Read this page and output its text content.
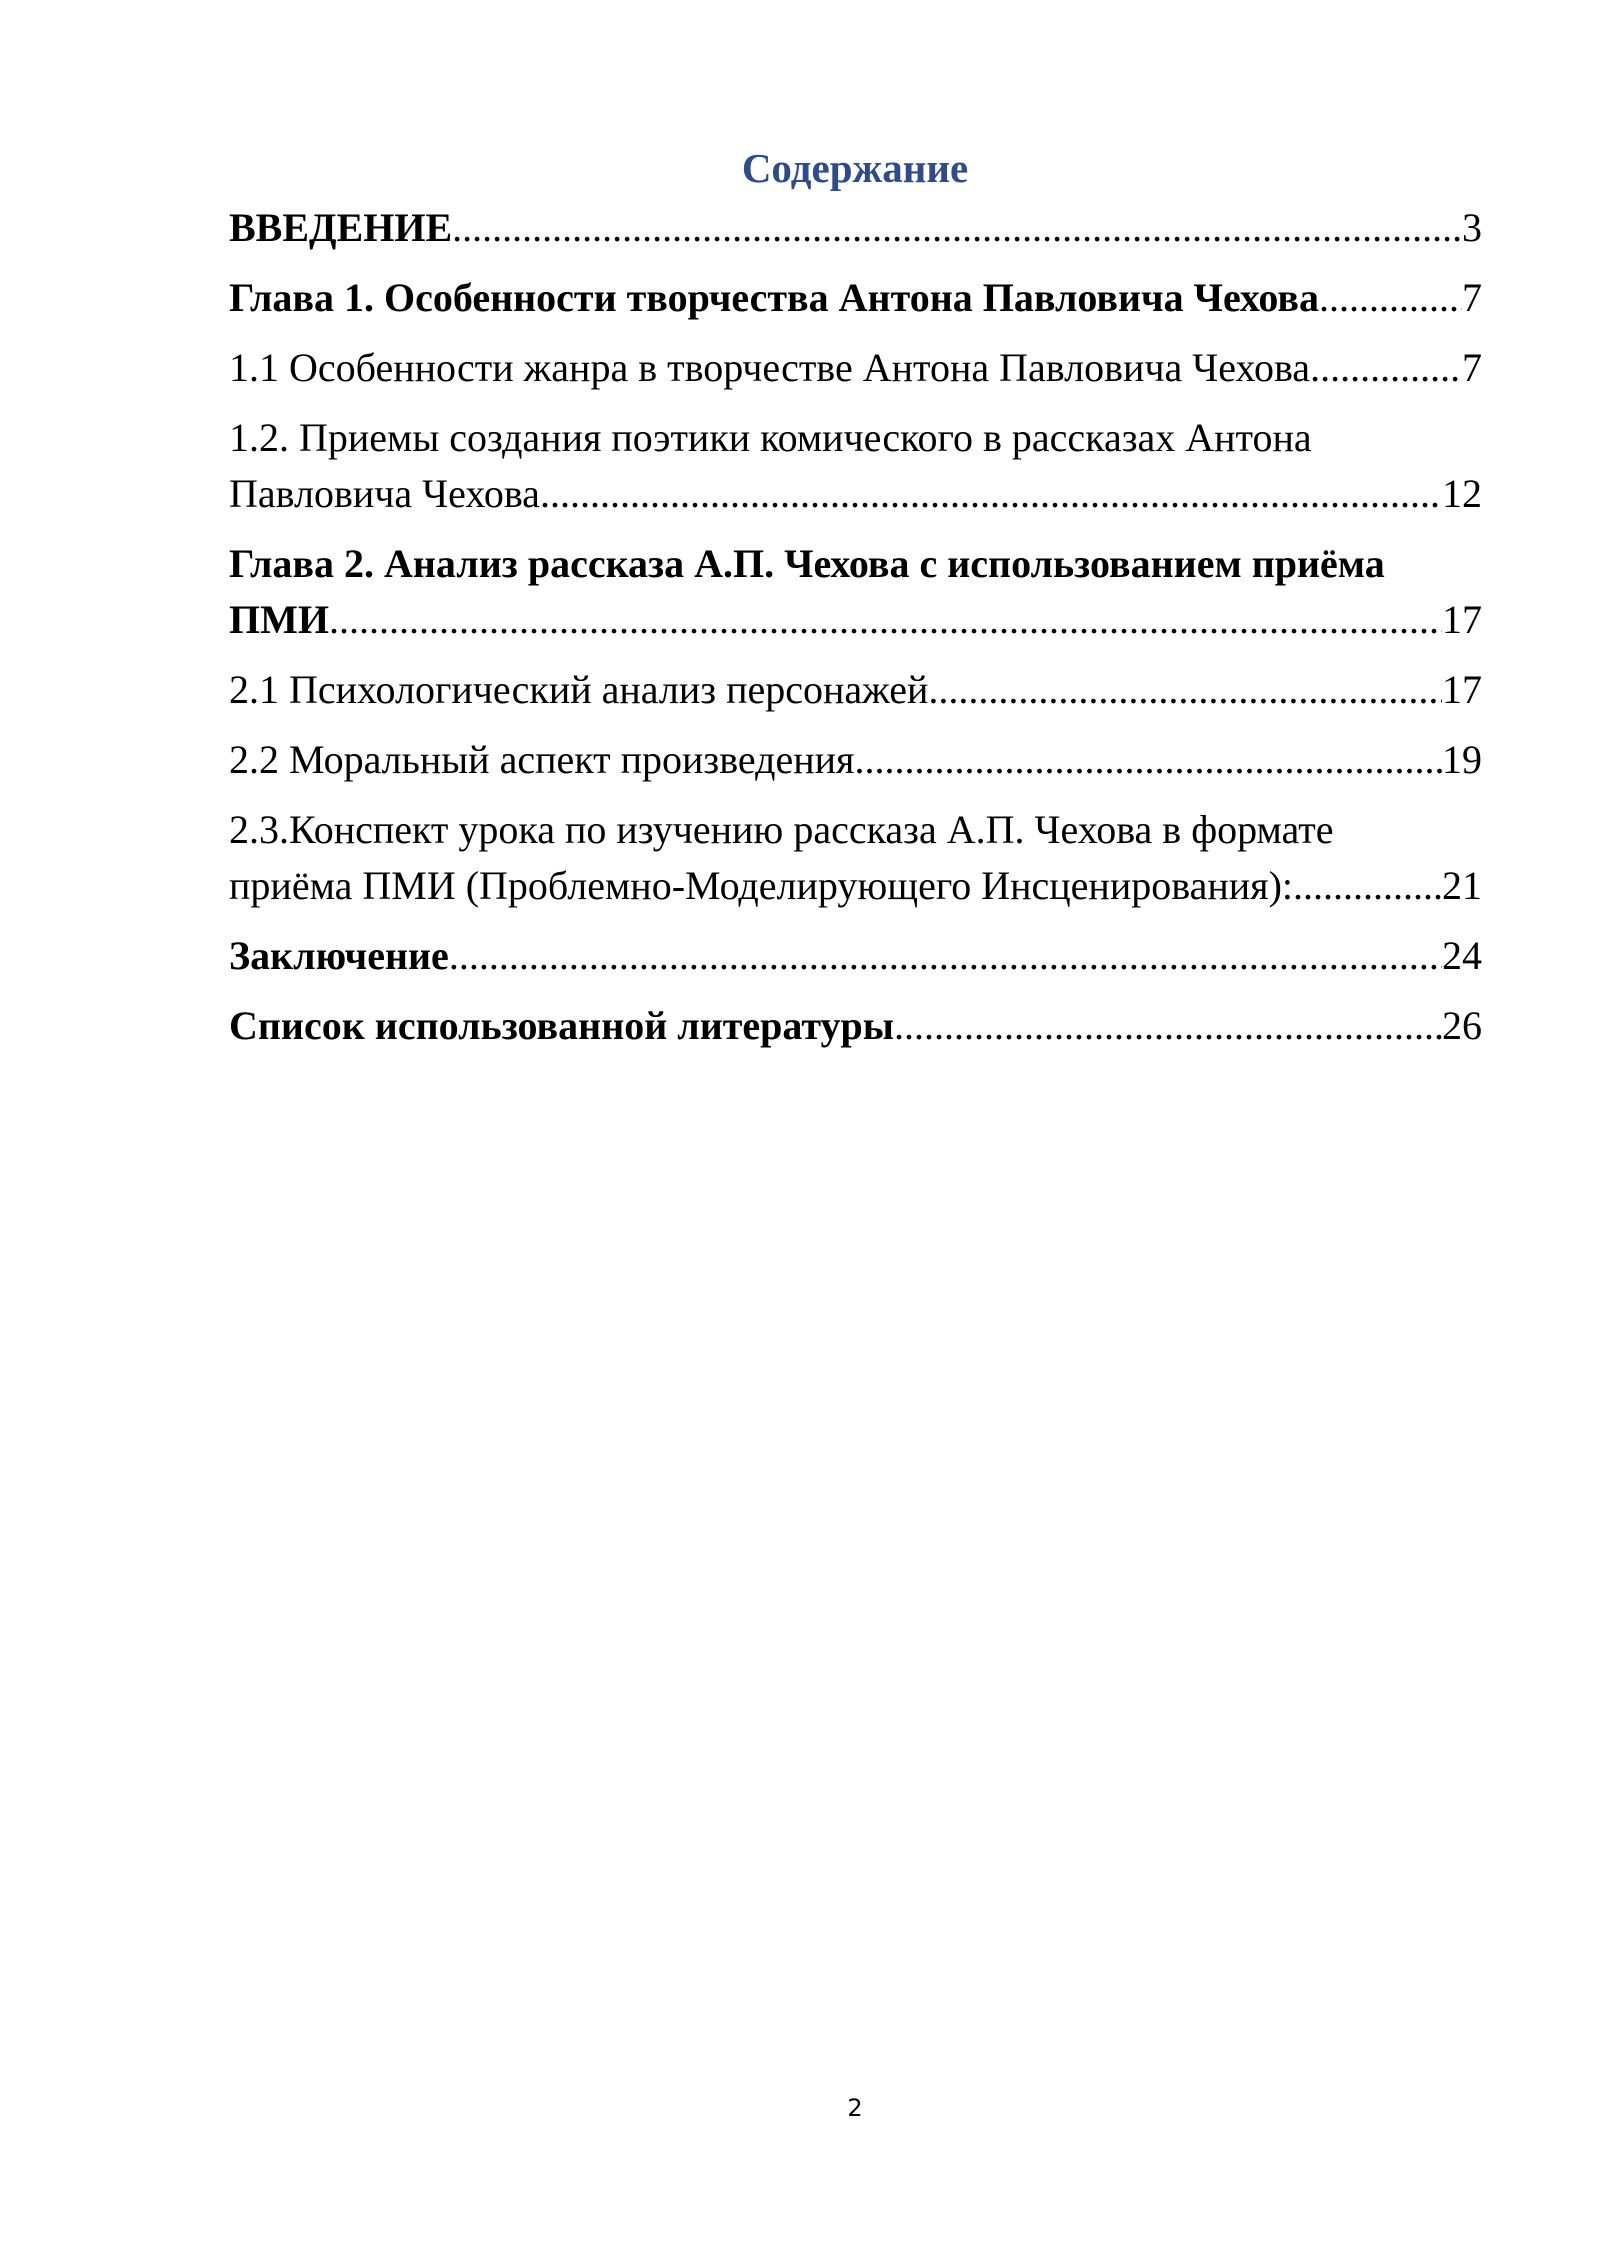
Содержание
ВВЕДЕНИЕ .....	3
Глава 1. Особенности творчества Антона Павловича Чехова .....	7
1.1 Особенности жанра в творчестве Антона Павловича Чехова .....	7
1.2. Приемы создания поэтики комического в рассказах Антона
Павловича Чехова .....	12
Глава 2. Анализ рассказа А.П. Чехова с использованием приёма
ПМИ .....	17
2.1 Психологический анализ персонажей .....	17
2.2 Моральный аспект произведения .....	19
2.3.Конспект урока по изучению рассказа А.П. Чехова в формате
приёма ПМИ (Проблемно-Моделирующего Инсценирования): .....	21
Заключение .....	24
Список использованной литературы .....	26
2
